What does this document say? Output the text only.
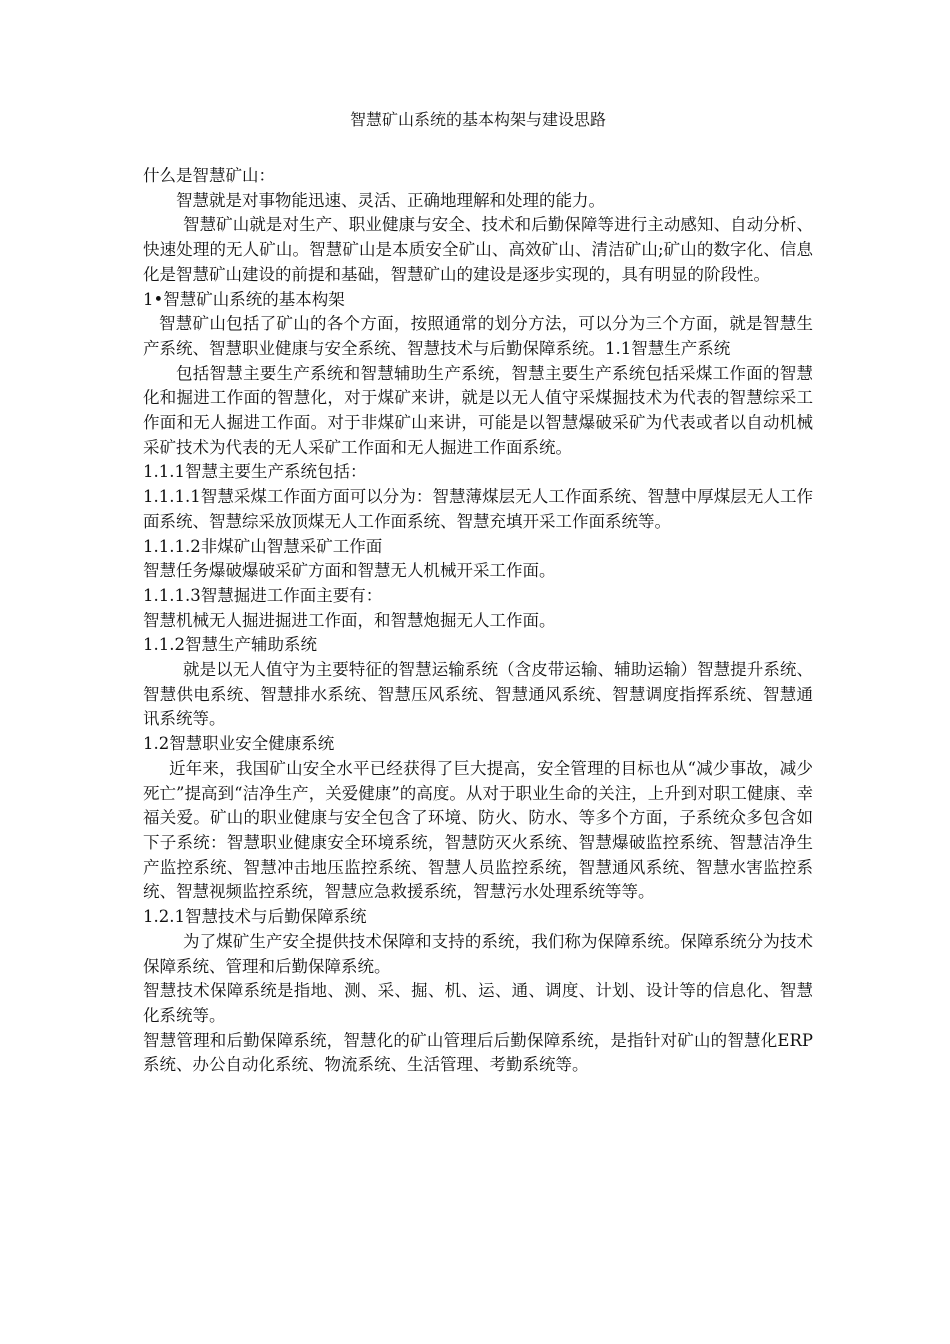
智慧矿山系统的基本构架与建设思路

什么是智慧矿山：

智慧就是对事物能迅速、灵活、正确地理解和处理的能力。

智慧矿山就是对生产、职业健康与安全、技术和后勤保障等进行主动感知、自动分析、快速处理的无人矿山。智慧矿山是本质安全矿山、高效矿山、清洁矿山;矿山的数字化、信息化是智慧矿山建设的前提和基础，智慧矿山的建设是逐步实现的，具有明显的阶段性。

1•智慧矿山系统的基本构架

智慧矿山包括了矿山的各个方面，按照通常的划分方法，可以分为三个方面，就是智慧生产系统、智慧职业健康与安全系统、智慧技术与后勤保障系统。1.1智慧生产系统

包括智慧主要生产系统和智慧辅助生产系统，智慧主要生产系统包括采煤工作面的智慧化和掘进工作面的智慧化，对于煤矿来讲，就是以无人值守采煤掘技术为代表的智慧综采工作面和无人掘进工作面。对于非煤矿山来讲，可能是以智慧爆破采矿为代表或者以自动机械采矿技术为代表的无人采矿工作面和无人掘进工作面系统。

1.1.1智慧主要生产系统包括：

1.1.1.1智慧采煤工作面方面可以分为：智慧薄煤层无人工作面系统、智慧中厚煤层无人工作面系统、智慧综采放顶煤无人工作面系统、智慧充填开采工作面系统等。

1.1.1.2非煤矿山智慧采矿工作面

智慧任务爆破爆破采矿方面和智慧无人机械开采工作面。

1.1.1.3智慧掘进工作面主要有：

智慧机械无人掘进掘进工作面，和智慧炮掘无人工作面。

1.1.2智慧生产辅助系统

就是以无人值守为主要特征的智慧运输系统（含皮带运输、辅助运输）智慧提升系统、智慧供电系统、智慧排水系统、智慧压风系统、智慧通风系统、智慧调度指挥系统、智慧通讯系统等。

1.2智慧职业安全健康系统

近年来，我国矿山安全水平已经获得了巨大提高，安全管理的目标也从“减少事故，减少死亡”提高到“洁净生产，关爱健康”的高度。从对于职业生命的关注，上升到对职工健康、幸福关爱。矿山的职业健康与安全包含了环境、防火、防水、等多个方面，子系统众多包含如下子系统：智慧职业健康安全环境系统，智慧防灭火系统、智慧爆破监控系统、智慧洁净生产监控系统、智慧冲击地压监控系统、智慧人员监控系统，智慧通风系统、智慧水害监控系统、智慧视频监控系统，智慧应急救援系统，智慧污水处理系统等等。

1.2.1智慧技术与后勤保障系统

为了煤矿生产安全提供技术保障和支持的系统，我们称为保障系统。保障系统分为技术保障系统、管理和后勤保障系统。

智慧技术保障系统是指地、测、采、掘、机、运、通、调度、计划、设计等的信息化、智慧化系统等。

智慧管理和后勤保障系统，智慧化的矿山管理后后勤保障系统，是指针对矿山的智慧化ERP系统、办公自动化系统、物流系统、生活管理、考勤系统等。
